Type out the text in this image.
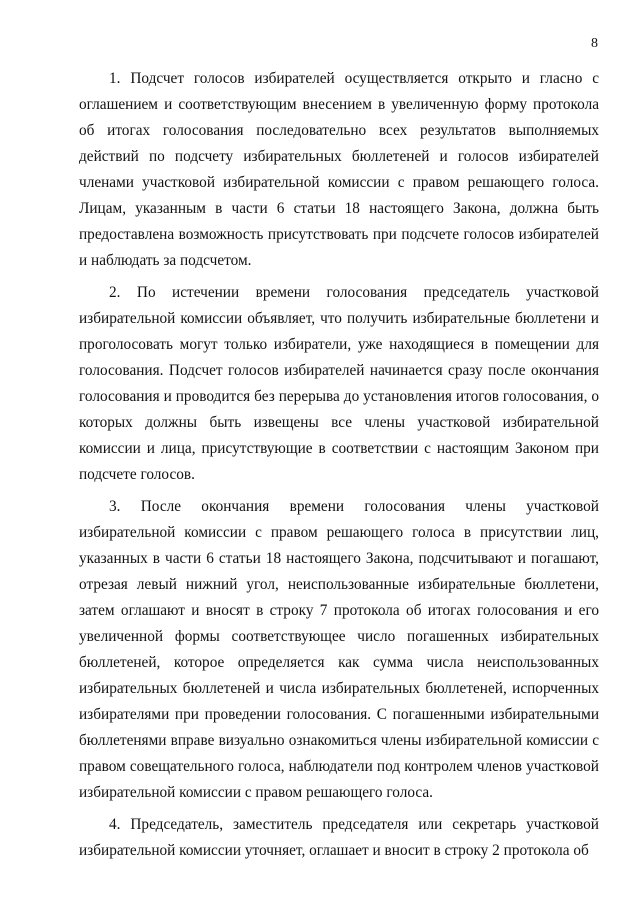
8

1. Подсчет голосов избирателей осуществляется открыто и гласно с оглашением и соответствующим внесением в увеличенную форму протокола об итогах голосования последовательно всех результатов выполняемых действий по подсчету избирательных бюллетеней и голосов избирателей членами участковой избирательной комиссии с правом решающего голоса. Лицам, указанным в части 6 статьи 18 настоящего Закона, должна быть предоставлена возможность присутствовать при подсчете голосов избирателей и наблюдать за подсчетом.

2. По истечении времени голосования председатель участковой избирательной комиссии объявляет, что получить избирательные бюллетени и проголосовать могут только избиратели, уже находящиеся в помещении для голосования. Подсчет голосов избирателей начинается сразу после окончания голосования и проводится без перерыва до установления итогов голосования, о которых должны быть извещены все члены участковой избирательной комиссии и лица, присутствующие в соответствии с настоящим Законом при подсчете голосов.

3. После окончания времени голосования члены участковой избирательной комиссии с правом решающего голоса в присутствии лиц, указанных в части 6 статьи 18 настоящего Закона, подсчитывают и погашают, отрезая левый нижний угол, неиспользованные избирательные бюллетени, затем оглашают и вносят в строку 7 протокола об итогах голосования и его увеличенной формы соответствующее число погашенных избирательных бюллетеней, которое определяется как сумма числа неиспользованных избирательных бюллетеней и числа избирательных бюллетеней, испорченных избирателями при проведении голосования. С погашенными избирательными бюллетенями вправе визуально ознакомиться члены избирательной комиссии с правом совещательного голоса, наблюдатели под контролем членов участковой избирательной комиссии с правом решающего голоса.

4. Председатель, заместитель председателя или секретарь участковой избирательной комиссии уточняет, оглашает и вносит в строку 2 протокола об
